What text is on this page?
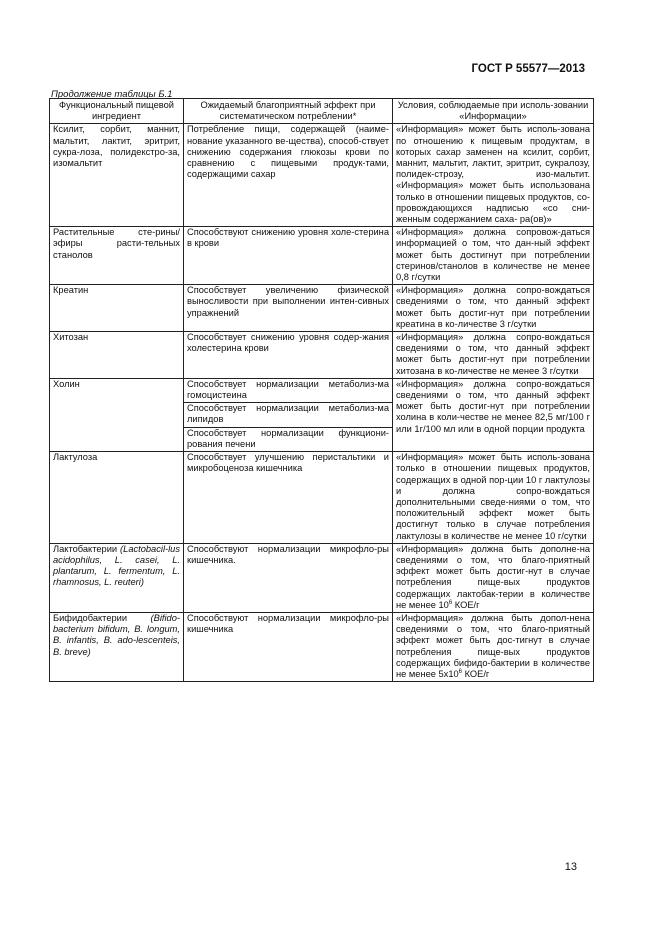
ГОСТ Р 55577—2013
Продолжение таблицы Б.1
Функциональный пищевой ингредиент	Ожидаемый благоприятный эффект при систематическом потреблении*	Условия, соблюдаемые при исполь-зовании «Информации»
Ксилит, сорбит, маннит, мальтит, лактит, эритрит, сукра-лоза, полидекстро-за, изомальтит	Потребление пищи, содержащей (наиме-нование указанного ве-щества), способ-ствует снижению содержания глюкозы крови по сравнению с пищевыми продук-тами, содержащими сахар	«Информация» может быть исполь-зована по отношению к пищевым продуктам, в которых сахар заменен на ксилит, сорбит, маннит, мальтит, лактит, эритрит, сукралозу, полидек-строзу, изо-мальтит. «Информация» может быть использована только в отношении пищевых продуктов, со-провождающихся надписью «со сни-женным содержанием саха- ра(ов)»
Растительные сте-рины/эфиры расти-тельных станолов	Способствуют снижению уровня холе-стерина в крови	«Информация» должна сопровож-даться информацией о том, что дан-ный эффект может быть достигнут при потреблении стеринов/станолов в количестве не менее 0,8 г/сутки
Креатин	Способствует увеличению физической выносливости при выполнении интен-сивных упражнений	«Информация» должна сопро-вождаться сведениями о том, что данный эффект может быть достиг-нут при потреблении креатина в ко-личестве 3 г/сутки
Хитозан	Способствует снижению уровня содер-жания холестерина крови	«Информация» должна сопро-вождаться сведениями о том, что данный эффект может быть достиг-нут при потреблении хитозана в ко-личестве не менее 3 г/сутки
Холин	Способствует нормализации метаболиз-ма гомоцистеина
Способствует нормализации метаболиз-ма липидов
Способствует нормализации функциони-рования печени	«Информация» должна сопро-вождаться сведениями о том, что данный эффект может быть достиг-нут при потреблении холина в коли-честве не менее 82,5 мг/100 г или 1г/100 мл или в одной порции продукта
Лактулоза	Способствует улучшению перистальтики и микробоценоза кишечника	«Информация» может быть исполь-зована только в отношении пищевых продуктов, содержащих в одной пор-ции 10 г лактулозы и должна сопро-вождаться дополнительными сведе-ниями о том, что положительный эффект может быть достигнут только в случае потребления лактулозы в количестве не менее 10 г/сутки
Лактобактерии (Lactobacil-lus acidophilus, L. casei, L. plantarum, L. fermentum, L. rhamnosus, L. reuteri)	Способствуют нормализации микрофло-ры кишечника.	«Информация» должна быть дополне-на сведениями о том, что благо-приятный эффект может быть достиг-нут в случае потребления пище-вых продуктов содержащих лактобак-терии в количестве не менее $10^6$ КОЕ/г
Бифидобактерии (Bifido-bacterium bifidum, B. longum, B. infantis, B. ado-lescenteis, B. breve)	Способствуют нормализации микрофло-ры кишечника	«Информация» должна быть допол-нена сведениями о том, что благо-приятный эффект может быть дос-тигнут в случае потребления пище-вых продуктов содержащих бифидо-бактерии в количестве не менее $5х10^6$ КОЕ/г
13
